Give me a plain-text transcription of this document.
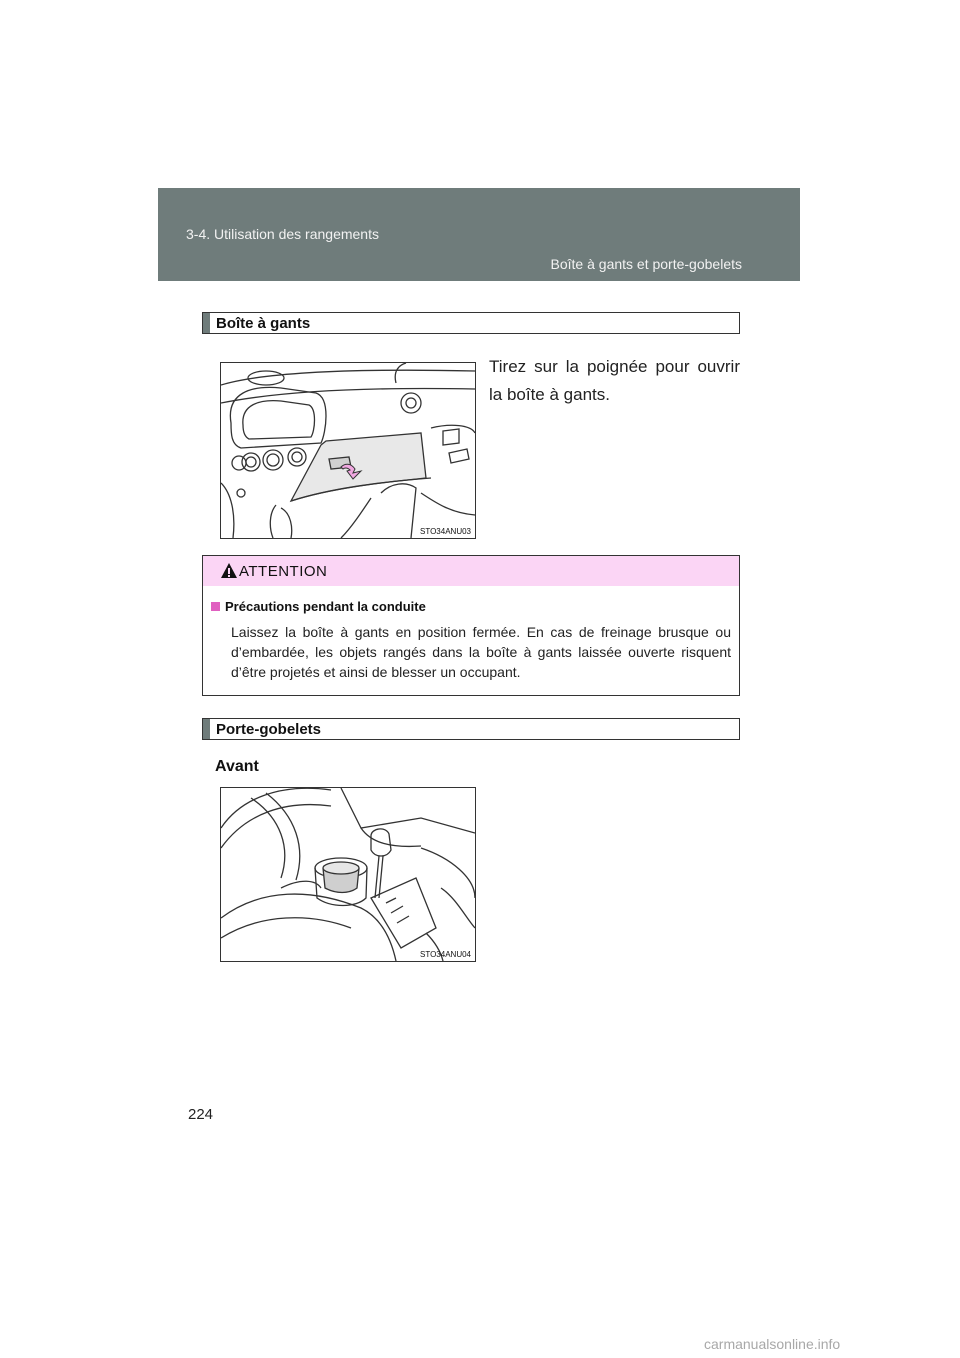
3-4. Utilisation des rangements
Boîte à gants et porte-gobelets
Boîte à gants
STO34ANU03
Tirez sur la poignée pour ouvrir la boîte à gants.
ATTENTION
Précautions pendant la conduite
Laissez la boîte à gants en position fermée. En cas de freinage brusque ou d’embardée, les objets rangés dans la boîte à gants laissée ouverte risquent d’être projetés et ainsi de blesser un occupant.
Porte-gobelets
Avant
STO34ANU04
224
carmanualsonline.info
